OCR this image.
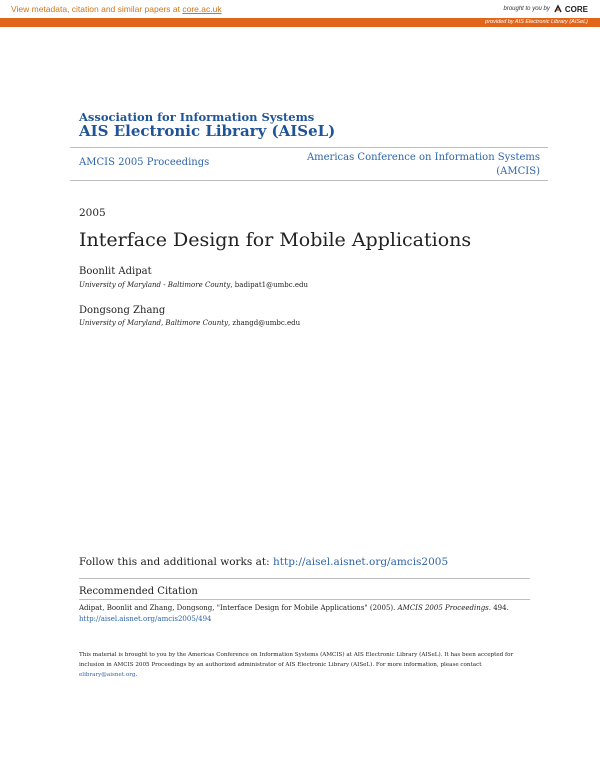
View metadata, citation and similar papers at core.ac.uk	brought to you by CORE
provided by AIS Electronic Library (AISeL)
Association for Information Systems
AIS Electronic Library (AISeL)
AMCIS 2005 Proceedings	Americas Conference on Information Systems
(AMCIS)
2005
Interface Design for Mobile Applications
Boonlit Adipat
University of Maryland - Baltimore County, badipat1@umbc.edu
Dongsong Zhang
University of Maryland, Baltimore County, zhangd@umbc.edu
Follow this and additional works at: http://aisel.aisnet.org/amcis2005
Recommended Citation
Adipat, Boonlit and Zhang, Dongsong, "Interface Design for Mobile Applications" (2005). AMCIS 2005 Proceedings. 494.
http://aisel.aisnet.org/amcis2005/494
This material is brought to you by the Americas Conference on Information Systems (AMCIS) at AIS Electronic Library (AISeL). It has been accepted for inclusion in AMCIS 2005 Proceedings by an authorized administrator of AIS Electronic Library (AISeL). For more information, please contact elibrary@aisnet.org.
